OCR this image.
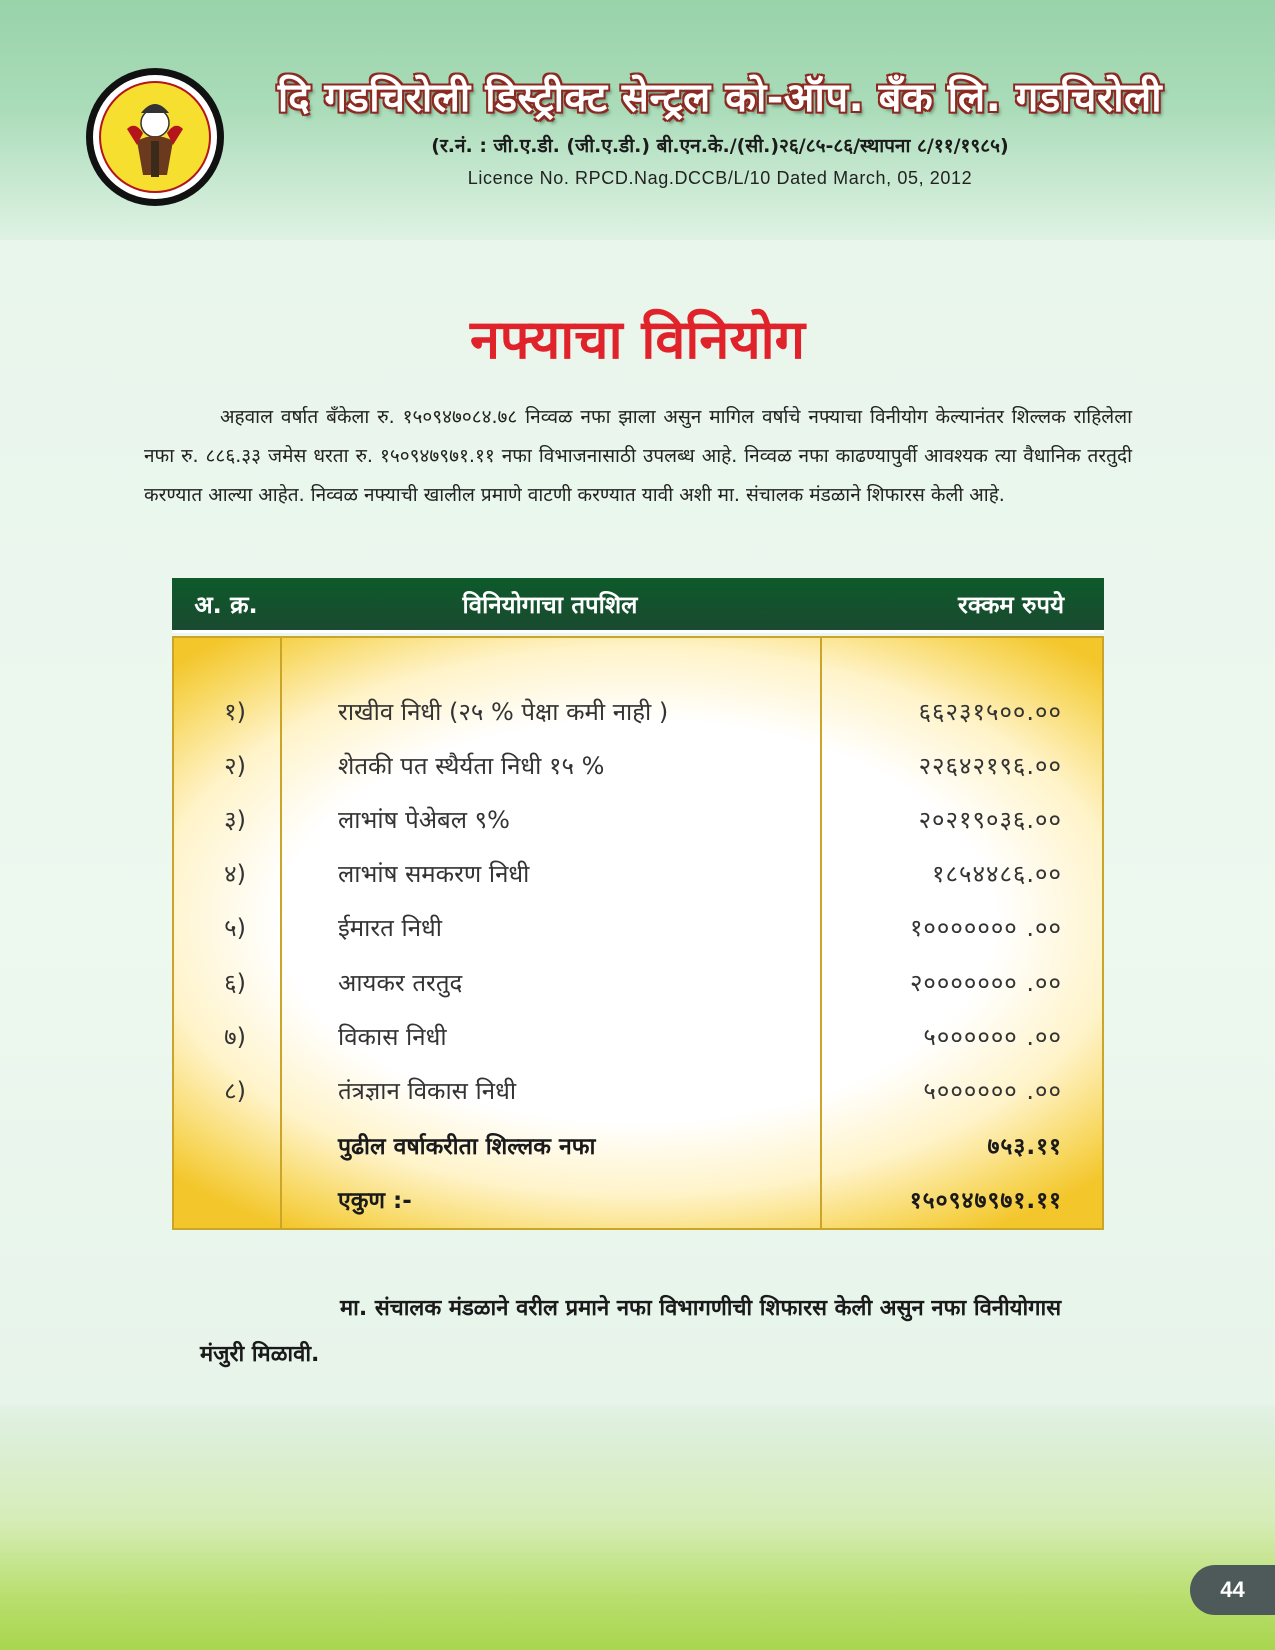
दि गडचिरोली डिस्ट्रीक्ट सेन्ट्रल को-ऑप. बँक लि. गडचिरोली
(र.नं. : जी.ए.डी. (जी.ए.डी.) बी.एन.के./(सी.)२६/८५-८६/स्थापना ८/११/१९८५)
Licence No. RPCD.Nag.DCCB/L/10 Dated March, 05, 2012
नफ्याचा विनियोग
अहवाल वर्षात बँकेला रु. १५०९४७०८४.७८ निव्वळ नफा झाला असुन मागिल वर्षाचे नफ्याचा विनीयोग केल्यानंतर शिल्लक राहिलेला नफा रु. ८८६.३३ जमेस धरता रु. १५०९४७९७१.११ नफा विभाजनासाठी उपलब्ध आहे. निव्वळ नफा काढण्यापुर्वी आवश्यक त्या वैधानिक तरतुदी करण्यात आल्या आहेत. निव्वळ नफ्याची खालील प्रमाणे वाटणी करण्यात यावी अशी मा. संचालक मंडळाने शिफारस केली आहे.
अ. क्र.	विनियोगाचा तपशिल	रक्कम रुपये
१)	राखीव निधी (२५ % पेक्षा कमी नाही )	६६२३१५००.००
२)	शेतकी पत स्थैर्यता निधी १५ %	२२६४२१९६.००
३)	लाभांष पेअेबल ९%	२०२१९०३६.००
४)	लाभांष समकरण निधी	१८५४४८६.००
५)	ईमारत निधी	१००००००० .००
६)	आयकर तरतुद	२००००००० .००
७)	विकास निधी	५०००००० .००
८)	तंत्रज्ञान विकास निधी	५०००००० .००
पुढील वर्षाकरीता शिल्लक नफा	७५३.११
एकुण :-	१५०९४७९७१.११
मा. संचालक मंडळाने वरील प्रमाने नफा विभागणीची शिफारस केली असुन नफा विनीयोगास मंजुरी मिळावी.
44
